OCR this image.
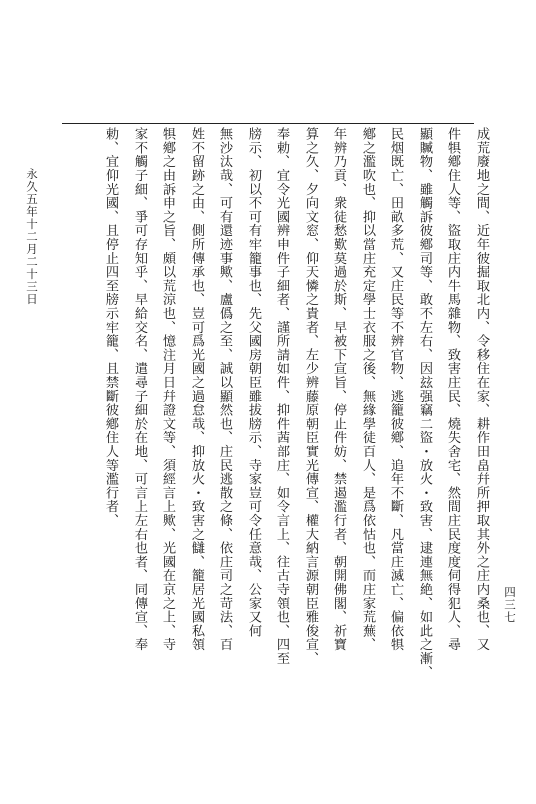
成荒廢地之間、近年彼掘取北内、令移住在家、耕作田畠幷所押取其外之庄内桑也、又
件犋鄕住人等、盜取庄内牛馬雜物、致害庄民、燒失舍宅、然間庄民度度伺得犯人、尋
顯贓物、雖觸訴彼鄕司等、敢不左右、因玆强竊二盜・放火・致害、逮連無絶、如此之漸、
民烟既亡、田畝多荒、又庄民等不辨官物、逃籠彼鄕、追年不斷、凡當庄滅亡、偏依犋
鄕之濫吹也、抑以當庄充定學士衣服之後、無緣學徒百人、是爲依怙也、而庄家荒蕪、
年辨乃貢、衆徒愁歎莫過於斯、早被下宣旨、停止件妨、禁遏濫行者、朝開佛閣、祈寶
算之久、夕向文窓、仰天憐之貴者、左少辨藤原朝臣實光傳宣、權大納言源朝臣雅俊宣、
奉勅、宜令光國辨申件子細者、謹所請如件、抑件茜部庄、如令言上、往古寺領也、四至
牓示、初以不可有牢籠事也、先父國房朝臣雖拔牓示、寺家豈可令任意哉、公家又何
無沙汰哉、可有還迹事歟、盧僞之至、誠以顯然也、庄民逃散之條、依庄司之苛法、百
姓不留跡之由、側所傳承也、豈可爲光國之過怠哉、抑放火・致害之讎、籠居光國私領
犋鄕之由訴申之旨、頗以荒涼也、憶注月日幷證文等、須經言上歟、光國在京之上、寺
家不觸子細、爭可存知乎、早給交名、遣尋子細於在地、可言上左右也者、同傳宣、奉
勅、宜仰光國、且停止四至牓示牢籠、且禁斷彼鄕住人等濫行者、
永久五年十二月二十三日
四三七
